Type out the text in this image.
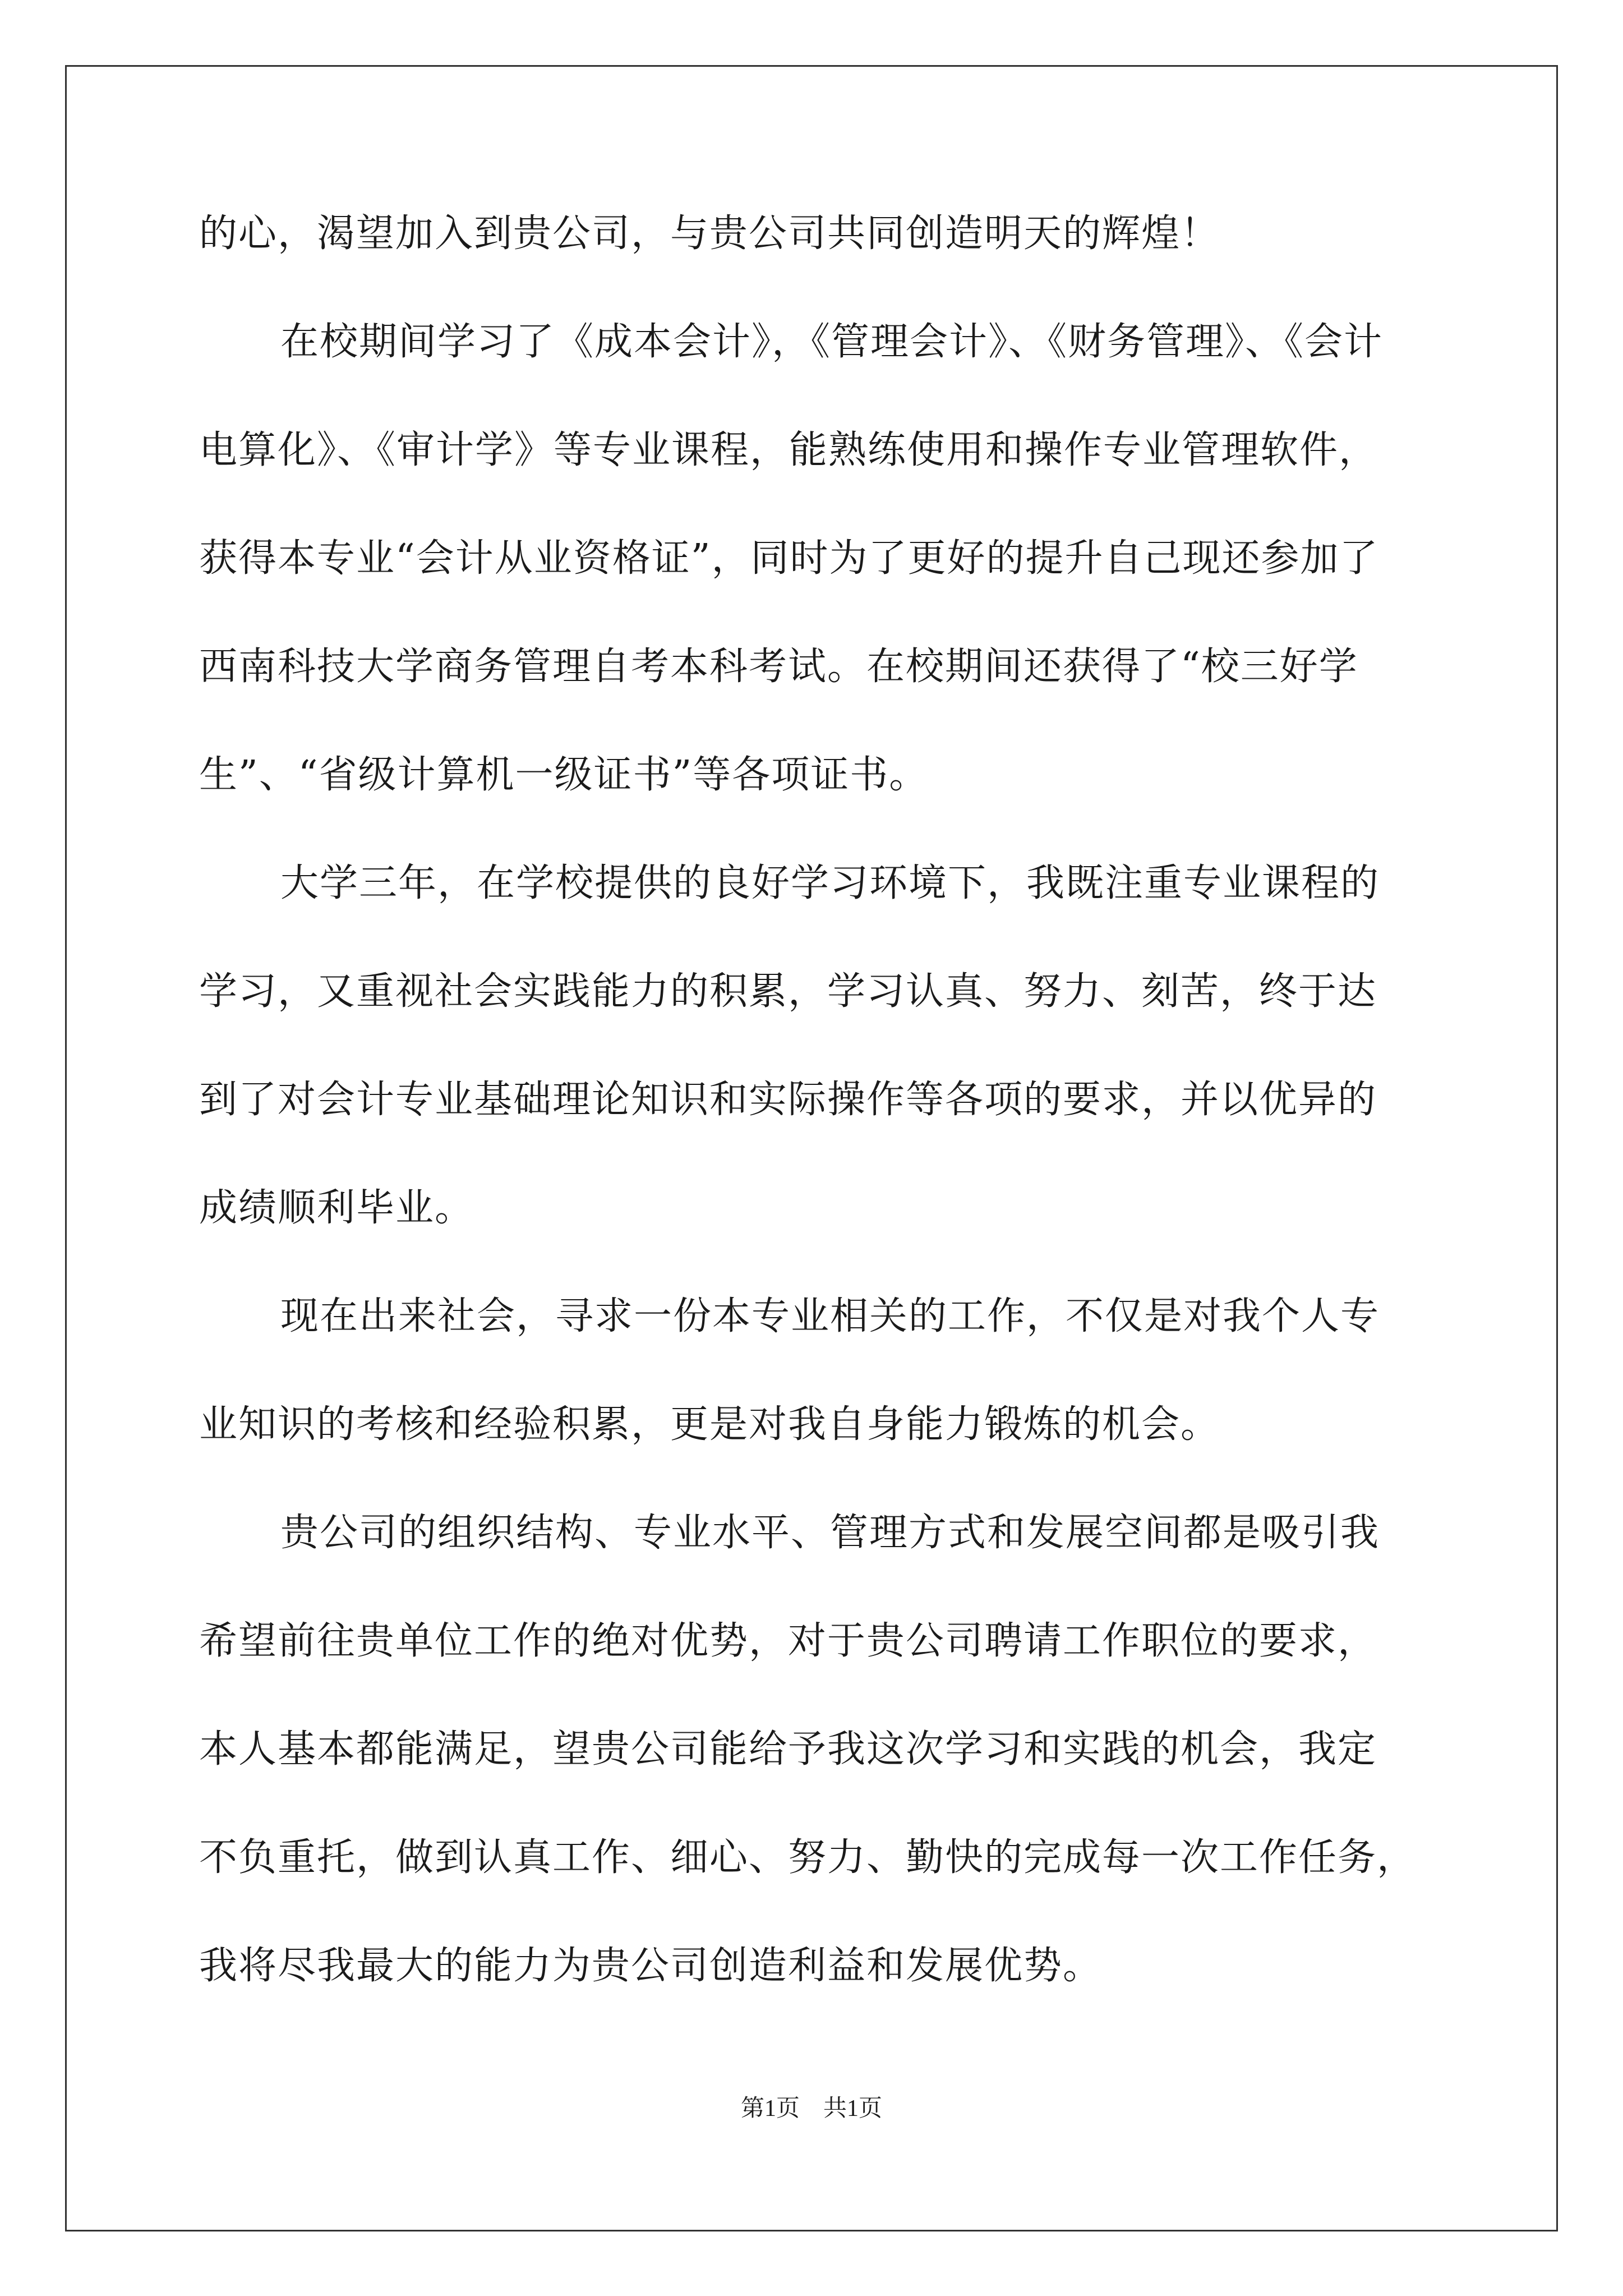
的心，渴望加入到贵公司，与贵公司共同创造明天的辉煌！
在校期间学习了《成本会计》，《管理会计》、《财务管理》、《会计
电算化》、《审计学》等专业课程，能熟练使用和操作专业管理软件，
获得本专业“会计从业资格证”，同时为了更好的提升自己现还参加了
西南科技大学商务管理自考本科考试。在校期间还获得了“校三好学
生”、“省级计算机一级证书”等各项证书。
大学三年，在学校提供的良好学习环境下，我既注重专业课程的
学习，又重视社会实践能力的积累，学习认真、努力、刻苦，终于达
到了对会计专业基础理论知识和实际操作等各项的要求，并以优异的
成绩顺利毕业。
现在出来社会，寻求一份本专业相关的工作，不仅是对我个人专
业知识的考核和经验积累，更是对我自身能力锻炼的机会。
贵公司的组织结构、专业水平、管理方式和发展空间都是吸引我
希望前往贵单位工作的绝对优势，对于贵公司聘请工作职位的要求，
本人基本都能满足，望贵公司能给予我这次学习和实践的机会，我定
不负重托，做到认真工作、细心、努力、勤快的完成每一次工作任务，
我将尽我最大的能力为贵公司创造利益和发展优势。
第1页　共1页
